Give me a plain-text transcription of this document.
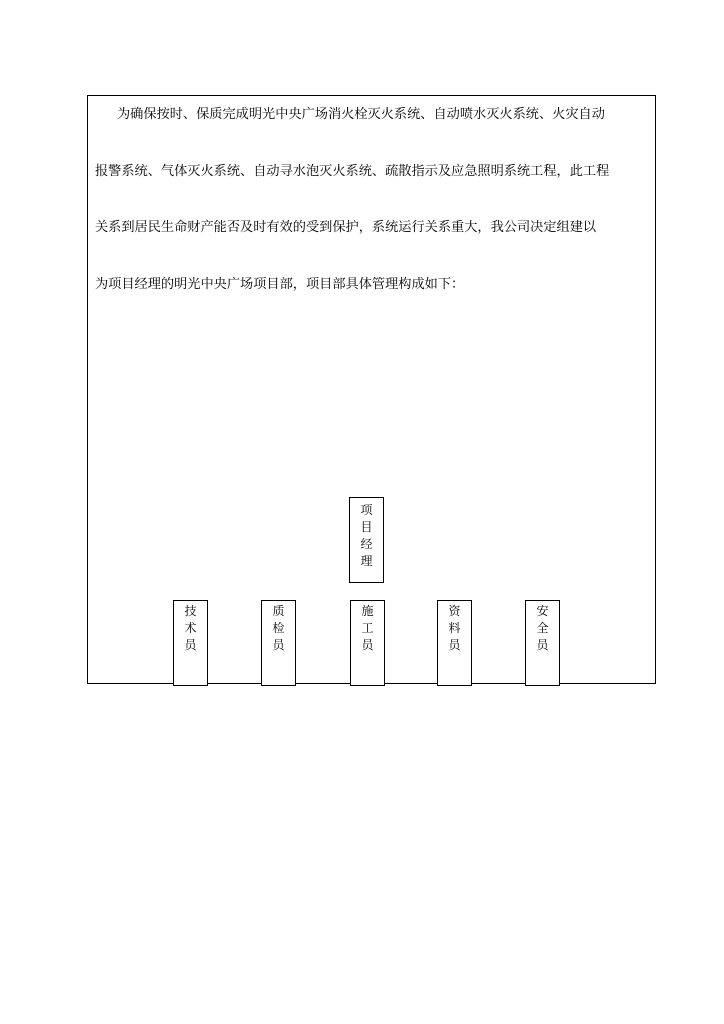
为确保按时、保质完成明光中央广场消火栓灭火系统、自动喷水灭火系统、火灾自动
报警系统、气体灭火系统、自动寻水泡灭火系统、疏散指示及应急照明系统工程，此工程
关系到居民生命财产能否及时有效的受到保护，系统运行关系重大，我公司决定组建以
为项目经理的明光中央广场项目部，项目部具体管理构成如下：
项
目
经
理
技
术
员
质
检
员
施
工
员
资
料
员
安
全
员
